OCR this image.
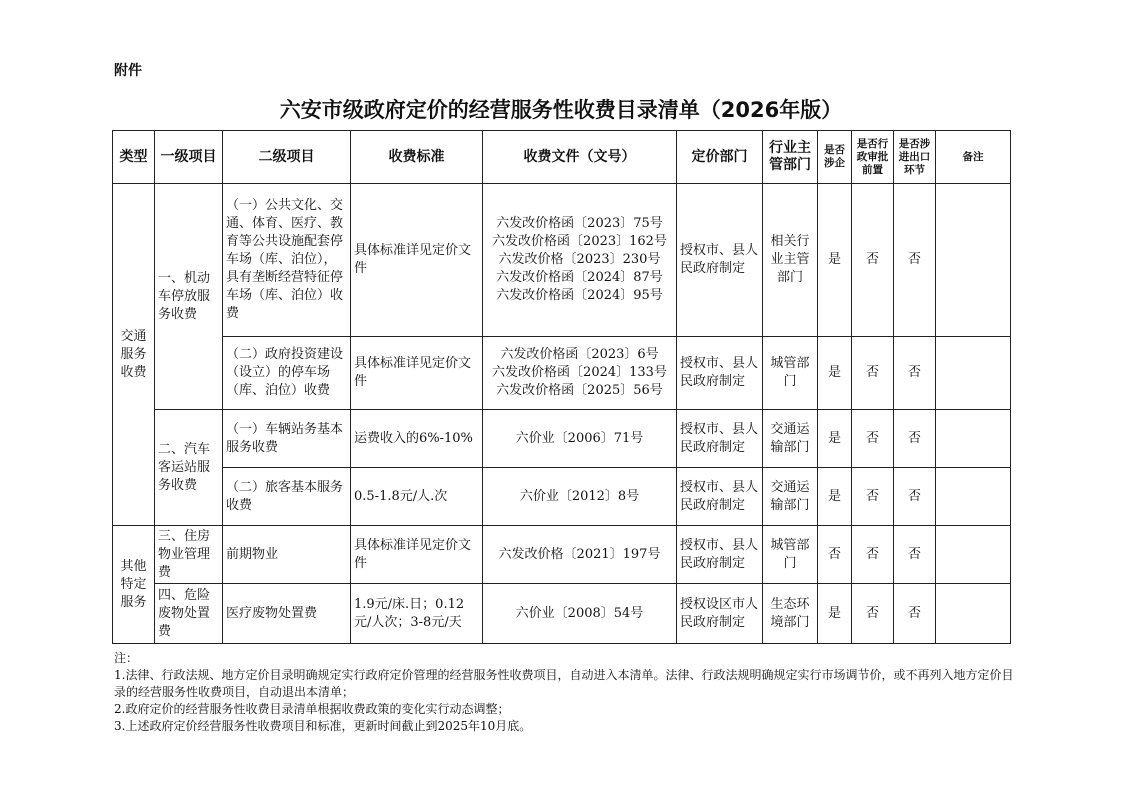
附件
六安市级政府定价的经营服务性收费目录清单（2026年版）
类型	一级项目	二级项目	收费标准	收费文件（文号）	定价部门	行业主管部门	是否涉企	是否行政审批前置	是否涉进出口环节	备注
交通服务收费	一、机动车停放服务收费	（一）公共文化、交通、体育、医疗、教育等公共设施配套停车场（库、泊位），具有垄断经营特征停车场（库、泊位）收费	具体标准详见定价文件	六发改价格函〔2023〕75号
六发改价格函〔2023〕162号
六发改价格〔2023〕230号
六发改价格函〔2024〕87号
六发改价格函〔2024〕95号	授权市、县人民政府制定	相关行业主管部门	是	否	否	
		（二）政府投资建设（设立）的停车场（库、泊位）收费	具体标准详见定价文件	六发改价格函〔2023〕6号
六发改价格函〔2024〕133号
六发改价格函〔2025〕56号	授权市、县人民政府制定	城管部门	是	否	否	
	二、汽车客运站服务收费	（一）车辆站务基本服务收费	运费收入的6%-10%	六价业〔2006〕71号	授权市、县人民政府制定	交通运输部门	是	否	否	
		（二）旅客基本服务收费	0.5-1.8元/人.次	六价业〔2012〕8号	授权市、县人民政府制定	交通运输部门	是	否	否	
其他特定服务	三、住房物业管理费	前期物业	具体标准详见定价文件	六发改价格〔2021〕197号	授权市、县人民政府制定	城管部门	否	否	否	
	四、危险废物处置费	医疗废物处置费	1.9元/床.日；0.12元/人次；3-8元/天	六价业〔2008〕54号	授权设区市人民政府制定	生态环境部门	是	否	否	
注：
1.法律、行政法规、地方定价目录明确规定实行政府定价管理的经营服务性收费项目，自动进入本清单。法律、行政法规明确规定实行市场调节价，或不再列入地方定价目录的经营服务性收费项目，自动退出本清单；
2.政府定价的经营服务性收费目录清单根据收费政策的变化实行动态调整；
3.上述政府定价经营服务性收费项目和标准，更新时间截止到2025年10月底。
